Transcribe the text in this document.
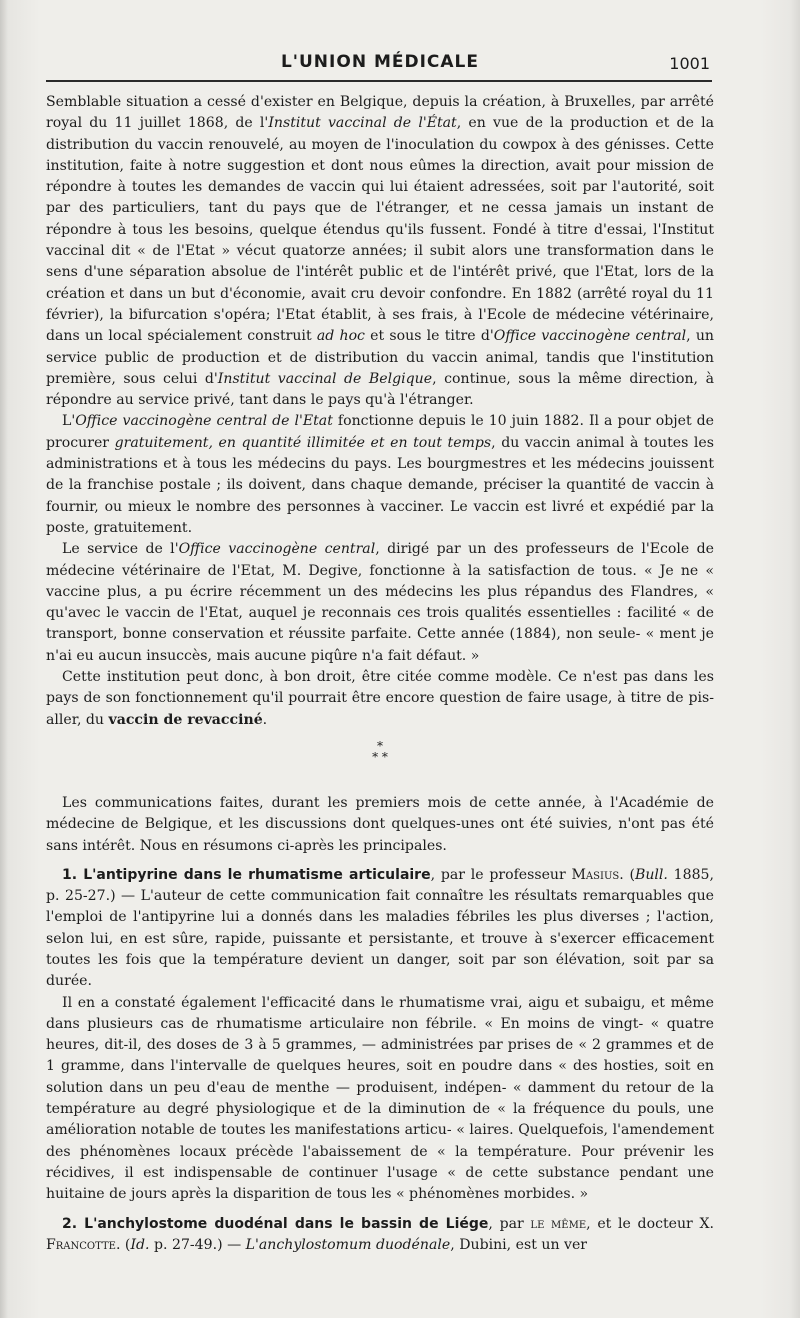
L'UNION MÉDICALE	1001

Semblable situation a cessé d'exister en Belgique, depuis la création, à Bruxelles, par arrêté royal du 11 juillet 1868, de l'Institut vaccinal de l'État, en vue de la production et de la distribution du vaccin renouvelé, au moyen de l'inoculation du cowpox à des génisses. Cette institution, faite à notre suggestion et dont nous eûmes la direction, avait pour mission de répondre à toutes les demandes de vaccin qui lui étaient adressées, soit par l'autorité, soit par des particuliers, tant du pays que de l'étranger, et ne cessa jamais un instant de répondre à tous les besoins, quelque étendus qu'ils fussent. Fondé à titre d'essai, l'Institut vaccinal dit « de l'Etat » vécut quatorze années; il subit alors une transformation dans le sens d'une séparation absolue de l'intérêt public et de l'intérêt privé, que l'Etat, lors de la création et dans un but d'économie, avait cru devoir confondre. En 1882 (arrêté royal du 11 février), la bifurcation s'opéra; l'Etat établit, à ses frais, à l'Ecole de médecine vétérinaire, dans un local spécialement construit ad hoc et sous le titre d'Office vaccinogène central, un service public de production et de distribution du vaccin animal, tandis que l'institution première, sous celui d'Institut vaccinal de Belgique, continue, sous la même direction, à répondre au service privé, tant dans le pays qu'à l'étranger.

L'Office vaccinogène central de l'Etat fonctionne depuis le 10 juin 1882. Il a pour objet de procurer gratuitement, en quantité illimitée et en tout temps, du vaccin animal à toutes les administrations et à tous les médecins du pays. Les bourgmestres et les médecins jouissent de la franchise postale ; ils doivent, dans chaque demande, préciser la quantité de vaccin à fournir, ou mieux le nombre des personnes à vacciner. Le vaccin est livré et expédié par la poste, gratuitement.

Le service de l'Office vaccinogène central, dirigé par un des professeurs de l'Ecole de médecine vétérinaire de l'Etat, M. Degive, fonctionne à la satisfaction de tous. « Je ne « vaccine plus, a pu écrire récemment un des médecins les plus répandus des Flandres, « qu'avec le vaccin de l'Etat, auquel je reconnais ces trois qualités essentielles : facilité « de transport, bonne conservation et réussite parfaite. Cette année (1884), non seule- « ment je n'ai eu aucun insuccès, mais aucune piqûre n'a fait défaut. »

Cette institution peut donc, à bon droit, être citée comme modèle. Ce n'est pas dans les pays de son fonctionnement qu'il pourrait être encore question de faire usage, à titre de pis-aller, du vaccin de revacciné.

*
* *

Les communications faites, durant les premiers mois de cette année, à l'Académie de médecine de Belgique, et les discussions dont quelques-unes ont été suivies, n'ont pas été sans intérêt. Nous en résumons ci-après les principales.

1. L'antipyrine dans le rhumatisme articulaire, par le professeur Masius. (Bull. 1885, p. 25-27.) — L'auteur de cette communication fait connaître les résultats remarquables que l'emploi de l'antipyrine lui a donnés dans les maladies fébriles les plus diverses ; l'action, selon lui, en est sûre, rapide, puissante et persistante, et trouve à s'exercer efficacement toutes les fois que la température devient un danger, soit par son élévation, soit par sa durée.

Il en a constaté également l'efficacité dans le rhumatisme vrai, aigu et subaigu, et même dans plusieurs cas de rhumatisme articulaire non fébrile. « En moins de vingt- « quatre heures, dit-il, des doses de 3 à 5 grammes, — administrées par prises de « 2 grammes et de 1 gramme, dans l'intervalle de quelques heures, soit en poudre dans « des hosties, soit en solution dans un peu d'eau de menthe — produisent, indépen- « damment du retour de la température au degré physiologique et de la diminution de « la fréquence du pouls, une amélioration notable de toutes les manifestations articu- « laires. Quelquefois, l'amendement des phénomènes locaux précède l'abaissement de « la température. Pour prévenir les récidives, il est indispensable de continuer l'usage « de cette substance pendant une huitaine de jours après la disparition de tous les « phénomènes morbides. »

2. L'anchylostome duodénal dans le bassin de Liége, par le même, et le docteur X. Francotte. (Id. p. 27-49.) — L'anchylostomum duodénale, Dubini, est un ver
